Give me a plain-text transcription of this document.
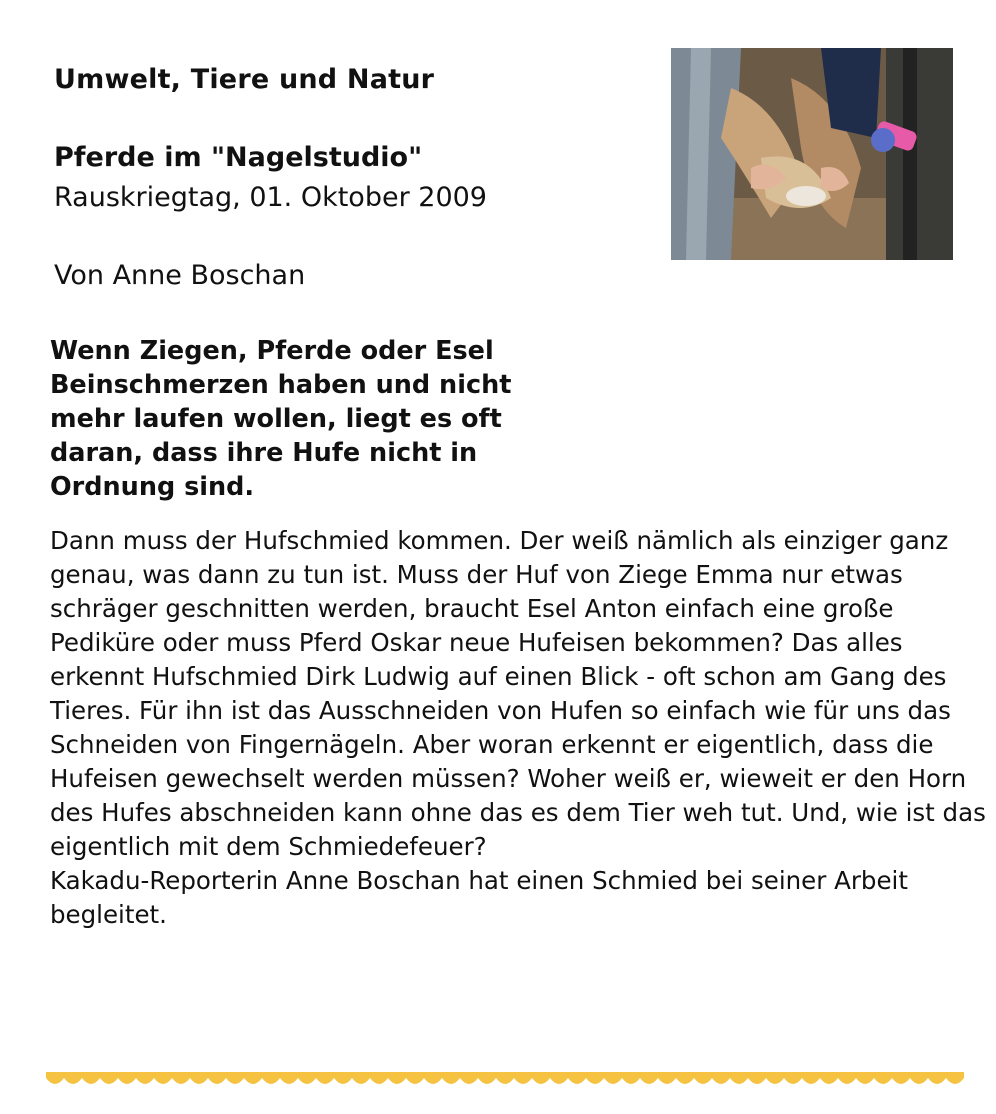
Umwelt, Tiere und Natur
Pferde im "Nagelstudio"
Rauskriegtag, 01. Oktober 2009
Von Anne Boschan
Wenn Ziegen, Pferde oder Esel Beinschmerzen haben und nicht mehr laufen wollen, liegt es oft daran, dass ihre Hufe nicht in Ordnung sind.
Dann muss der Hufschmied kommen. Der weiß nämlich als einziger ganz genau, was dann zu tun ist. Muss der Huf von Ziege Emma nur etwas schräger geschnitten werden, braucht Esel Anton einfach eine große Pediküre oder muss Pferd Oskar neue Hufeisen bekommen? Das alles erkennt Hufschmied Dirk Ludwig auf einen Blick - oft schon am Gang des Tieres. Für ihn ist das Ausschneiden von Hufen so einfach wie für uns das Schneiden von Fingernägeln. Aber woran erkennt er eigentlich, dass die Hufeisen gewechselt werden müssen? Woher weiß er, wieweit er den Horn des Hufes abschneiden kann ohne das es dem Tier weh tut. Und, wie ist das eigentlich mit dem Schmiedefeuer?
Kakadu-Reporterin Anne Boschan hat einen Schmied bei seiner Arbeit begleitet.
